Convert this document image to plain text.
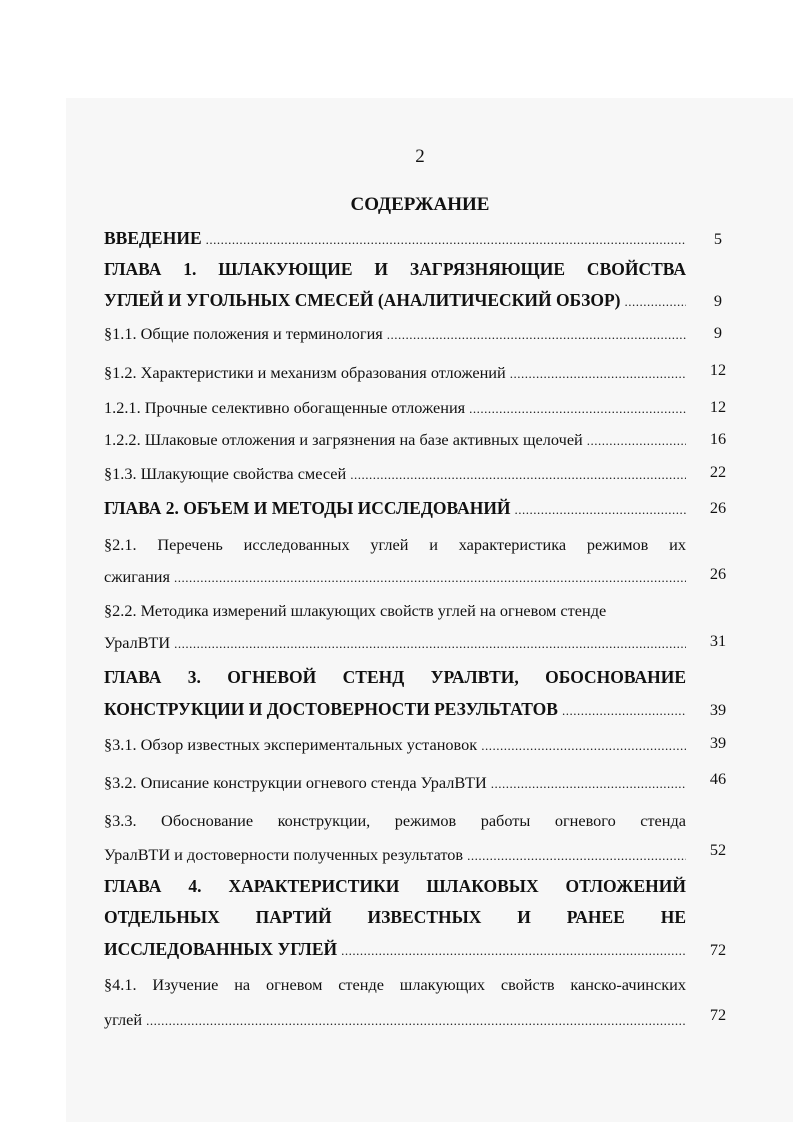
2
СОДЕРЖАНИЕ
ВВЕДЕНИЕ .....	5
ГЛАВА 1. ШЛАКУЮЩИЕ И ЗАГРЯЗНЯЮЩИЕ СВОЙСТВА
УГЛЕЙ И УГОЛЬНЫХ СМЕСЕЙ (АНАЛИТИЧЕСКИЙ ОБЗОР) .....	9
§1.1. Общие положения и терминология .....	9
§1.2. Характеристики и механизм образования отложений .....	12
1.2.1. Прочные селективно обогащенные отложения .....	12
1.2.2. Шлаковые отложения и загрязнения на базе активных щелочей .....	16
§1.3. Шлакующие свойства смесей .....	22
ГЛАВА 2. ОБЪЕМ И МЕТОДЫ ИССЛЕДОВАНИЙ .....	26
§2.1. Перечень исследованных углей и характеристика режимов их
сжигания .....	26
§2.2. Методика измерений шлакующих свойств углей на огневом стенде
УралВТИ .....	31
ГЛАВА 3. ОГНЕВОЙ СТЕНД УРАЛВТИ, ОБОСНОВАНИЕ
КОНСТРУКЦИИ И ДОСТОВЕРНОСТИ РЕЗУЛЬТАТОВ .....	39
§3.1. Обзор известных экспериментальных установок .....	39
§3.2. Описание конструкции огневого стенда УралВТИ .....	46
§3.3. Обоснование конструкции, режимов работы огневого стенда
УралВТИ и достоверности полученных результатов .....	52
ГЛАВА 4. ХАРАКТЕРИСТИКИ ШЛАКОВЫХ ОТЛОЖЕНИЙ
ОТДЕЛЬНЫХ ПАРТИЙ ИЗВЕСТНЫХ И РАНЕЕ НЕ
ИССЛЕДОВАННЫХ УГЛЕЙ .....	72
§4.1. Изучение на огневом стенде шлакующих свойств канско-ачинских
углей .....	72
